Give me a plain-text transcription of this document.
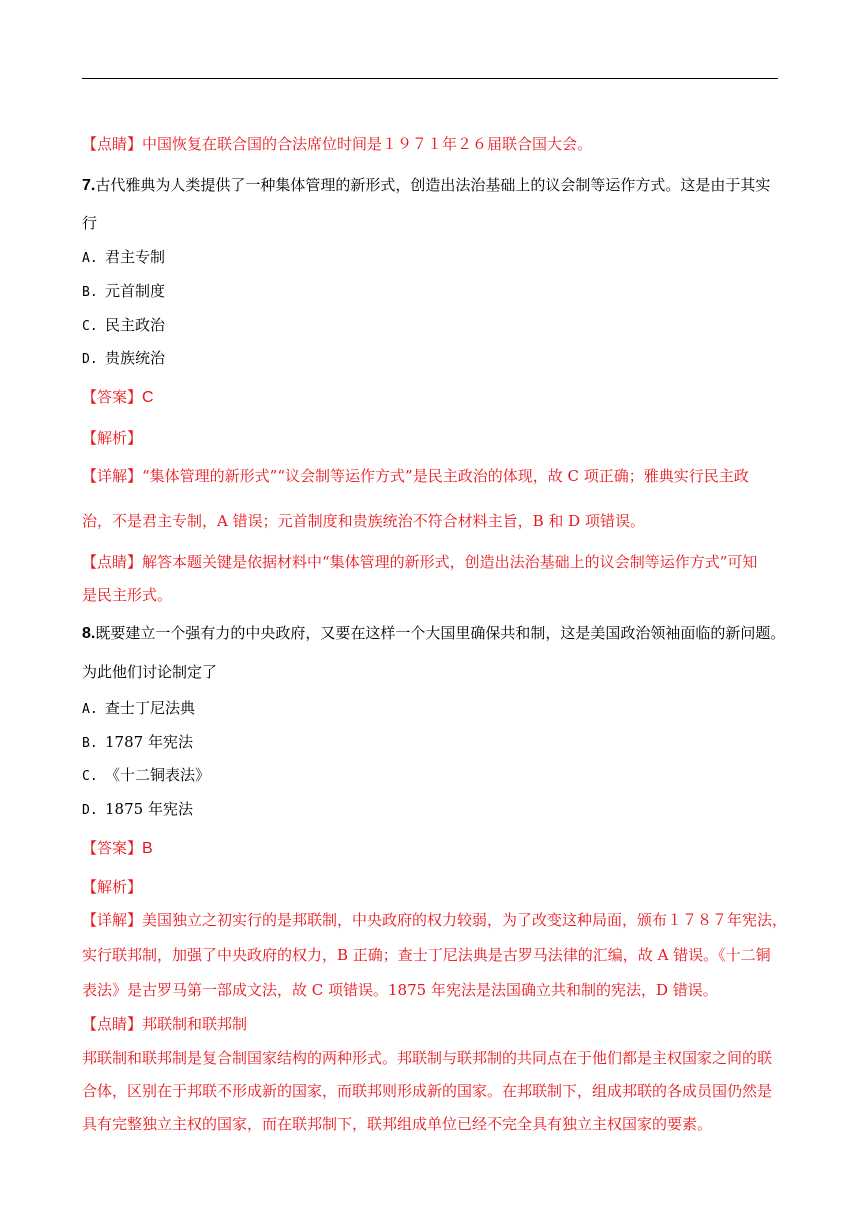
【点睛】中国恢复在联合国的合法席位时间是１９７１年２６届联合国大会。
7.古代雅典为人类提供了一种集体管理的新形式，创造出法治基础上的议会制等运作方式。这是由于其实
行
A. 君主专制
B. 元首制度
C. 民主政治
D. 贵族统治
【答案】C
【解析】
【详解】“集体管理的新形式”“议会制等运作方式”是民主政治的体现，故 C 项正确；雅典实行民主政
治，不是君主专制，A 错误；元首制度和贵族统治不符合材料主旨，B 和 D 项错误。
【点睛】解答本题关键是依据材料中“集体管理的新形式，创造出法治基础上的议会制等运作方式”可知
是民主形式。
8.既要建立一个强有力的中央政府，又要在这样一个大国里确保共和制，这是美国政治领袖面临的新问题。
为此他们讨论制定了
A. 查士丁尼法典
B. 1787 年宪法
C. 《十二铜表法》
D. 1875 年宪法
【答案】B
【解析】
【详解】美国独立之初实行的是邦联制，中央政府的权力较弱，为了改变这种局面，颁布１７８７年宪法，
实行联邦制，加强了中央政府的权力，B 正确；查士丁尼法典是古罗马法律的汇编，故 A 错误。《十二铜
表法》是古罗马第一部成文法，故 C 项错误。1875 年宪法是法国确立共和制的宪法，D 错误。
【点睛】邦联制和联邦制
邦联制和联邦制是复合制国家结构的两种形式。邦联制与联邦制的共同点在于他们都是主权国家之间的联
合体，区别在于邦联不形成新的国家，而联邦则形成新的国家。在邦联制下，组成邦联的各成员国仍然是
具有完整独立主权的国家，而在联邦制下，联邦组成单位已经不完全具有独立主权国家的要素。
